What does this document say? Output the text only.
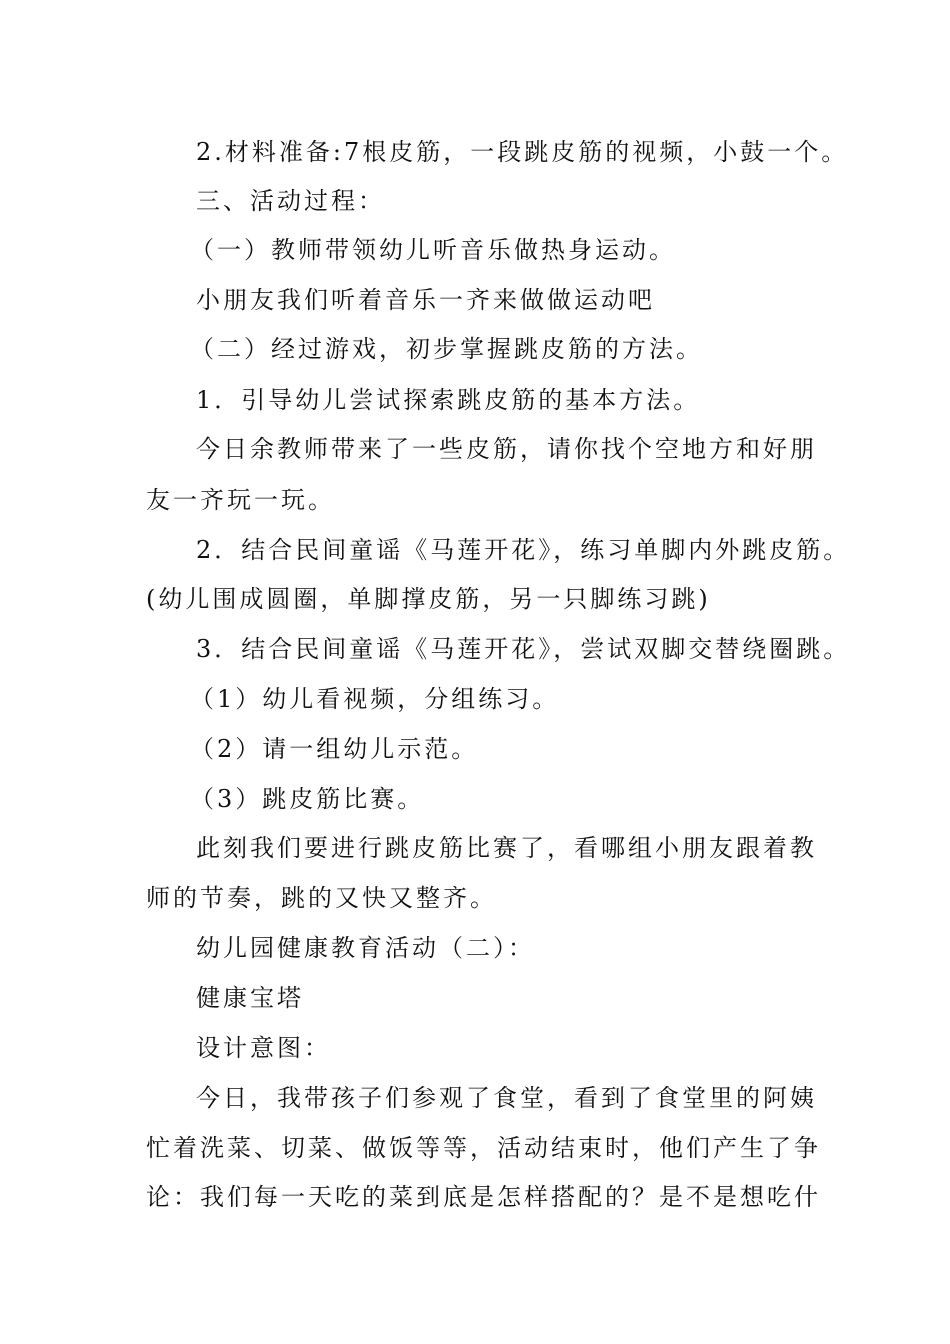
2.材料准备:7根皮筋，一段跳皮筋的视频，小鼓一个。
三、活动过程：
（一）教师带领幼儿听音乐做热身运动。
小朋友我们听着音乐一齐来做做运动吧
（二）经过游戏，初步掌握跳皮筋的方法。
1．引导幼儿尝试探索跳皮筋的基本方法。
今日余教师带来了一些皮筋，请你找个空地方和好朋
友一齐玩一玩。
2．结合民间童谣《马莲开花》，练习单脚内外跳皮筋。
(幼儿围成圆圈，单脚撑皮筋，另一只脚练习跳)
3．结合民间童谣《马莲开花》，尝试双脚交替绕圈跳。
（1）幼儿看视频，分组练习。
（2）请一组幼儿示范。
（3）跳皮筋比赛。
此刻我们要进行跳皮筋比赛了，看哪组小朋友跟着教
师的节奏，跳的又快又整齐。
幼儿园健康教育活动（二）：
健康宝塔
设计意图：
今日，我带孩子们参观了食堂，看到了食堂里的阿姨
忙着洗菜、切菜、做饭等等，活动结束时，他们产生了争
论：我们每一天吃的菜到底是怎样搭配的？是不是想吃什
